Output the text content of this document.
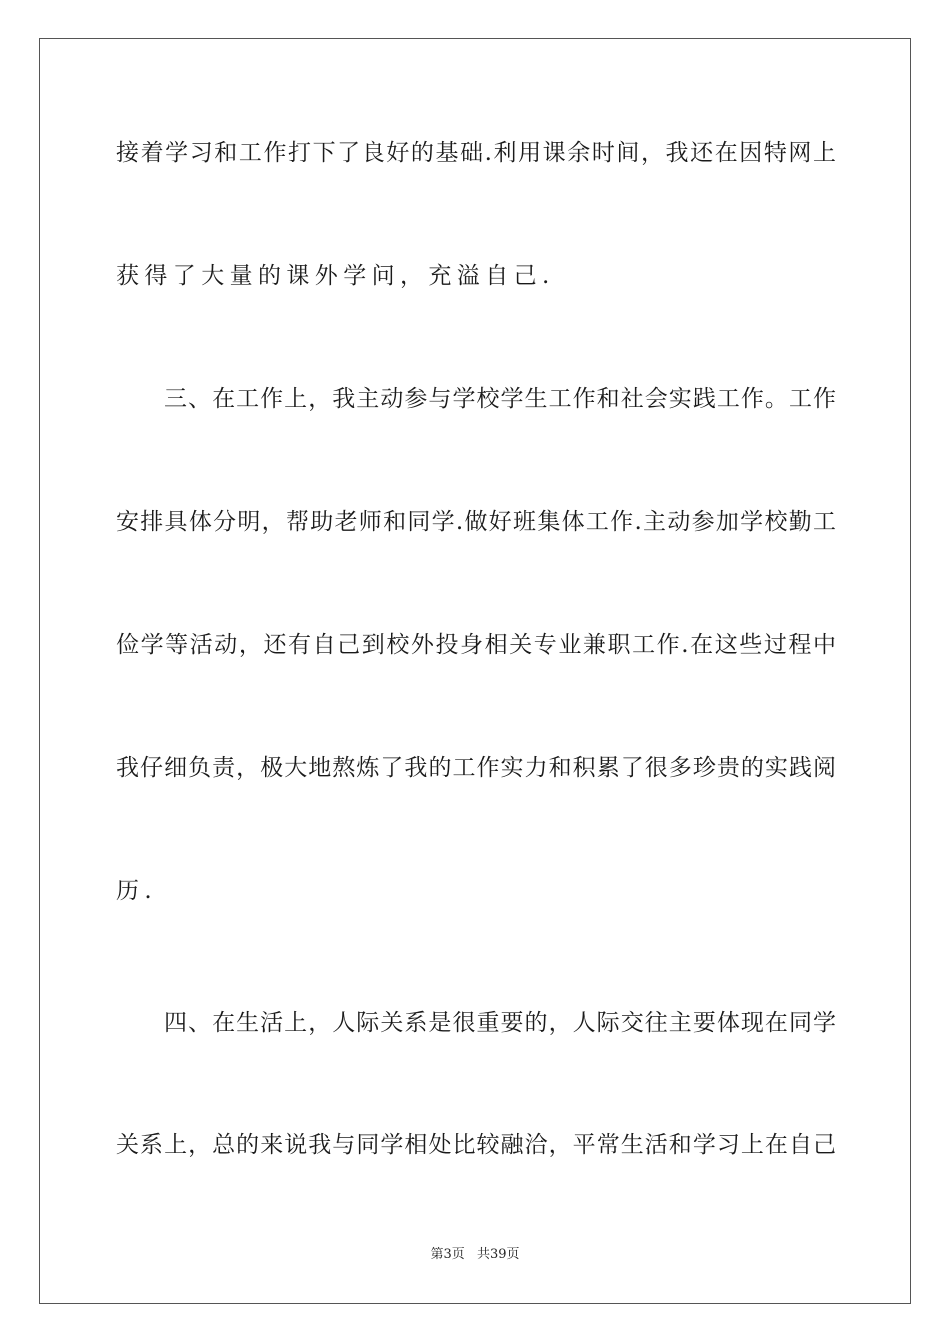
接着学习和工作打下了良好的基础.利用课余时间，我还在因特网上
获得了大量的课外学问，充溢自己.
三、在工作上，我主动参与学校学生工作和社会实践工作。工作
安排具体分明，帮助老师和同学.做好班集体工作.主动参加学校勤工
俭学等活动，还有自己到校外投身相关专业兼职工作.在这些过程中
我仔细负责，极大地熬炼了我的工作实力和积累了很多珍贵的实践阅
历.
四、在生活上，人际关系是很重要的，人际交往主要体现在同学
关系上，总的来说我与同学相处比较融洽，平常生活和学习上在自己
第3页 共39页
